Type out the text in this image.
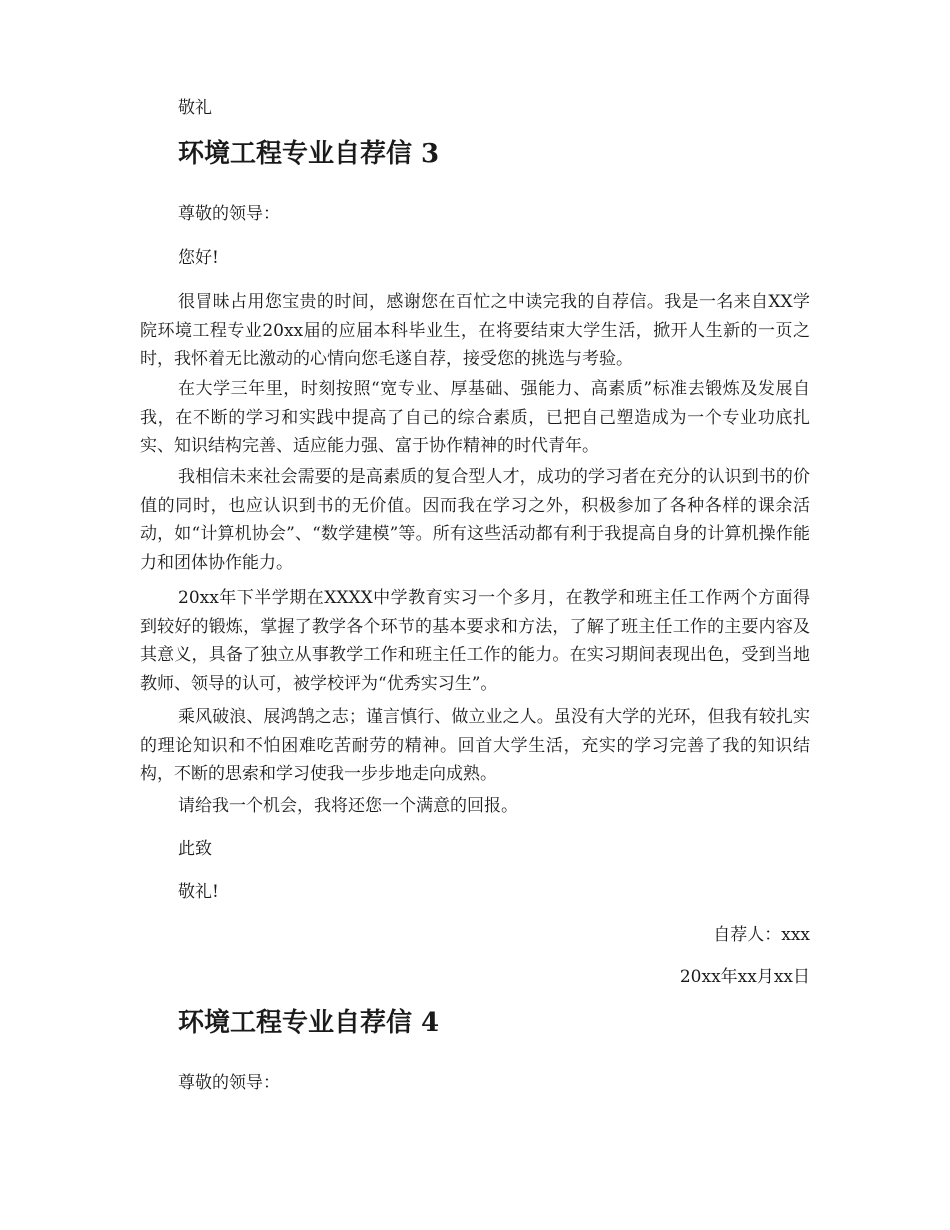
敬礼
环境工程专业自荐信 3
尊敬的领导：
您好!
很冒昧占用您宝贵的时间，感谢您在百忙之中读完我的自荐信。我是一名来自XX学院环境工程专业20xx届的应届本科毕业生，在将要结束大学生活，掀开人生新的一页之时，我怀着无比激动的心情向您毛遂自荐，接受您的挑选与考验。
在大学三年里，时刻按照“宽专业、厚基础、强能力、高素质”标准去锻炼及发展自我，在不断的学习和实践中提高了自己的综合素质，已把自己塑造成为一个专业功底扎实、知识结构完善、适应能力强、富于协作精神的时代青年。
我相信未来社会需要的是高素质的复合型人才，成功的学习者在充分的认识到书的价值的同时，也应认识到书的无价值。因而我在学习之外，积极参加了各种各样的课余活动，如“计算机协会”、“数学建模”等。所有这些活动都有利于我提高自身的计算机操作能力和团体协作能力。
20xx年下半学期在XXXX中学教育实习一个多月，在教学和班主任工作两个方面得到较好的锻炼，掌握了教学各个环节的基本要求和方法，了解了班主任工作的主要内容及其意义，具备了独立从事教学工作和班主任工作的能力。在实习期间表现出色，受到当地教师、领导的认可，被学校评为“优秀实习生”。
乘风破浪、展鸿鹄之志；谨言慎行、做立业之人。虽没有大学的光环，但我有较扎实的理论知识和不怕困难吃苦耐劳的精神。回首大学生活，充实的学习完善了我的知识结构，不断的思索和学习使我一步步地走向成熟。
请给我一个机会，我将还您一个满意的回报。
此致
敬礼!
自荐人：xxx
20xx年xx月xx日
环境工程专业自荐信 4
尊敬的领导：
